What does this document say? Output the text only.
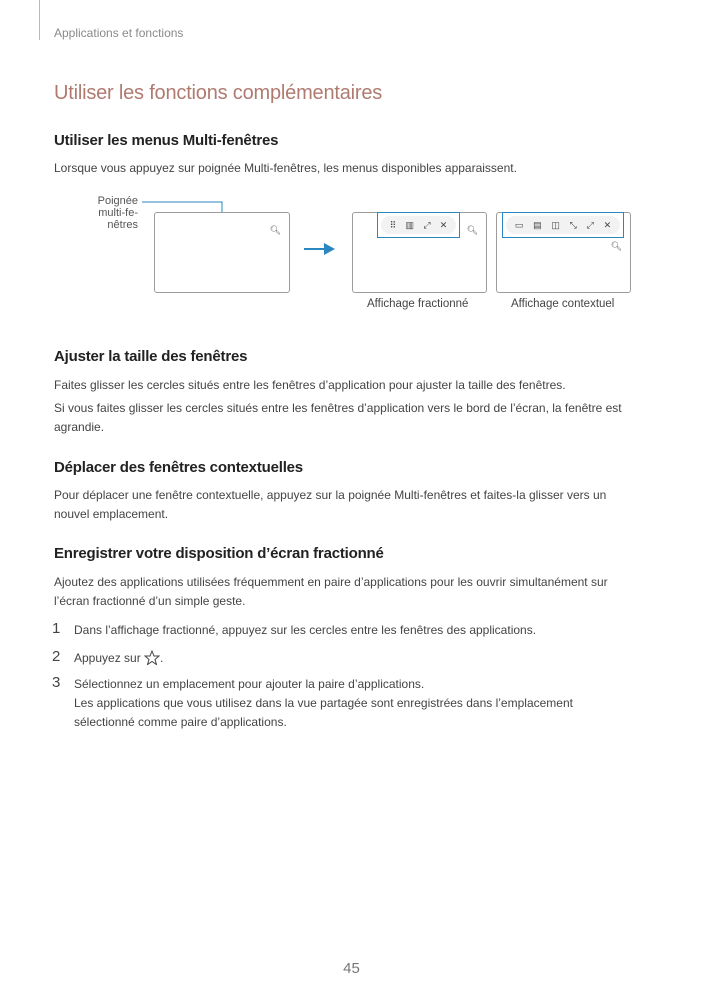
Applications et fonctions
Utiliser les fonctions complémentaires
Utiliser les menus Multi-fenêtres

Lorsque vous appuyez sur poignée Multi-fenêtres, les menus disponibles apparaissent.

Poignée multi-fe-nêtres	🔍︎	🔍︎
⠿ ▥ ⤢ ✕
🔍︎
▭ ▤ ◫ ⤡ ⤢ ✕
Affichage fractionné	Affichage contextuel
Ajuster la taille des fenêtres

Faites glisser les cercles situés entre les fenêtres d’application pour ajuster la taille des fenêtres.

Si vous faites glisser les cercles situés entre les fenêtres d’application vers le bord de l’écran, la fenêtre est agrandie.

Déplacer des fenêtres contextuelles

Pour déplacer une fenêtre contextuelle, appuyez sur la poignée Multi-fenêtres et faites-la glisser vers un nouvel emplacement.

Enregistrer votre disposition d’écran fractionné

Ajoutez des applications utilisées fréquemment en paire d’applications pour les ouvrir simultanément sur l’écran fractionné d’un simple geste.

1 Dans l’affichage fractionné, appuyez sur les cercles entre les fenêtres des applications.

2 Appuyez sur .

3 Sélectionnez un emplacement pour ajouter la paire d’applications.

Les applications que vous utilisez dans la vue partagée sont enregistrées dans l’emplacement sélectionné comme paire d’applications.

45
